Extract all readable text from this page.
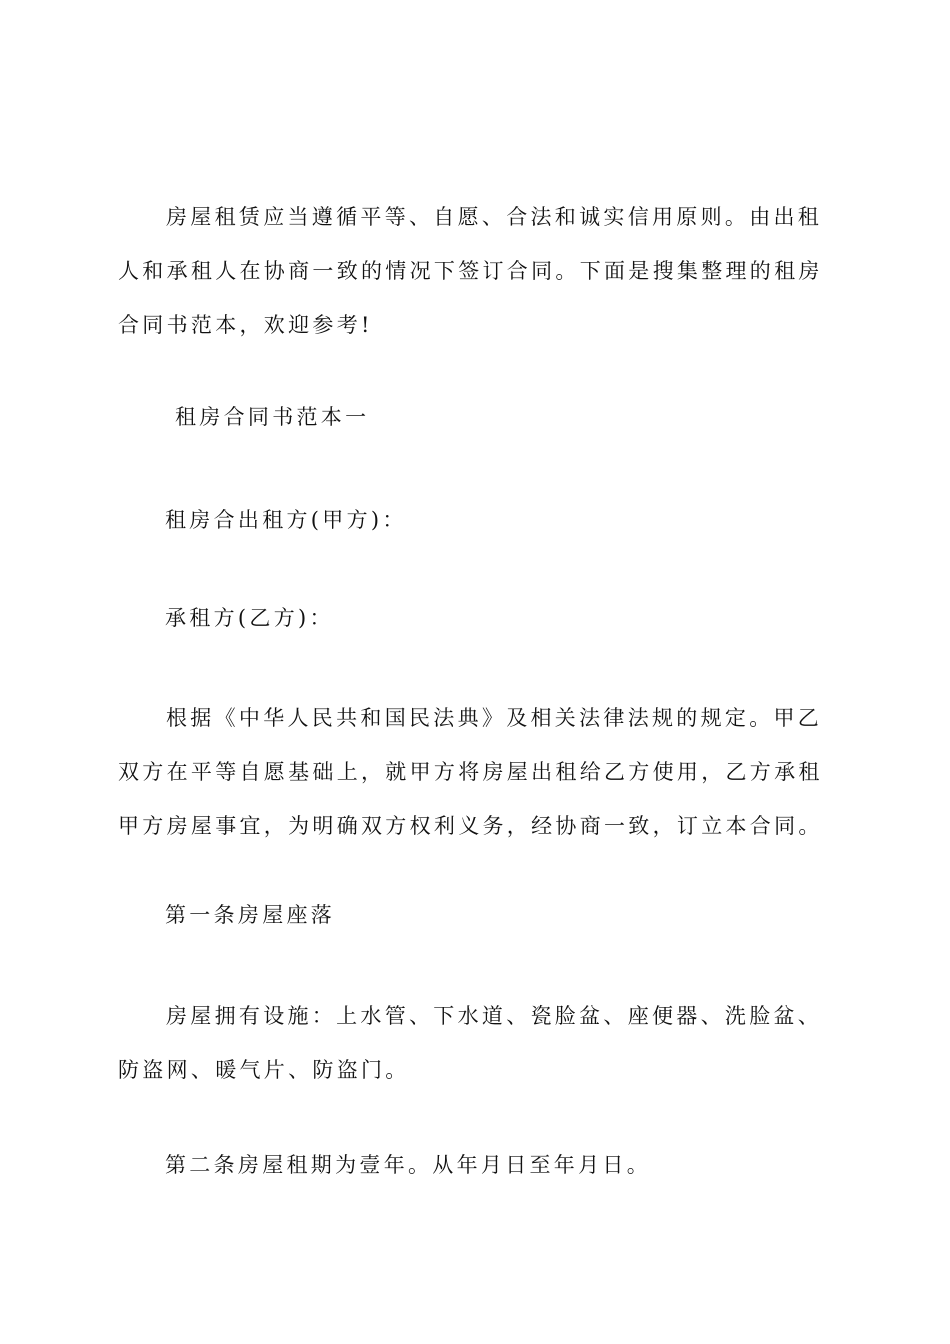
房屋租赁应当遵循平等、自愿、合法和诚实信用原则。由出租人和承租人在协商一致的情况下签订合同。下面是搜集整理的租房合同书范本，欢迎参考!

租房合同书范本一

租房合出租方(甲方)：

承租方(乙方)：

根据《中华人民共和国民法典》及相关法律法规的规定。甲乙双方在平等自愿基础上，就甲方将房屋出租给乙方使用，乙方承租甲方房屋事宜，为明确双方权利义务，经协商一致，订立本合同。

第一条房屋座落

房屋拥有设施：上水管、下水道、瓷脸盆、座便器、洗脸盆、防盗网、暖气片、防盗门。

第二条房屋租期为壹年。从年月日至年月日。
